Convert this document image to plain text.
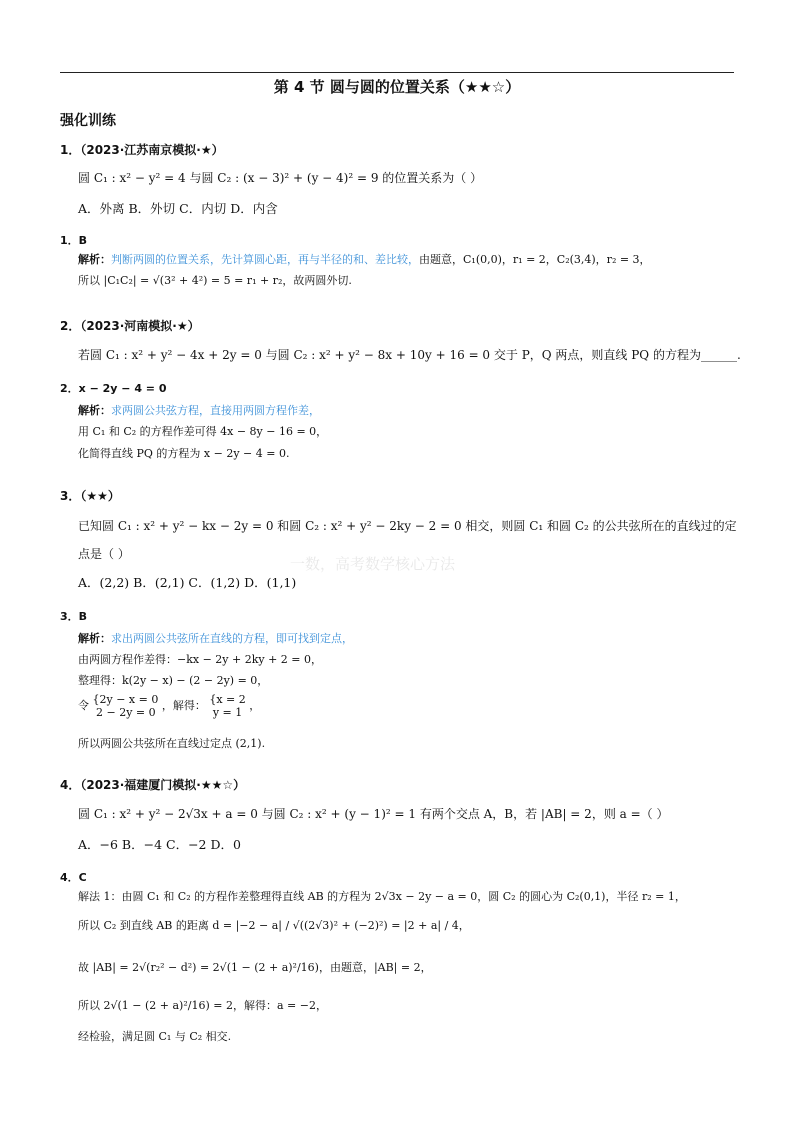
第 4 节 圆与圆的位置关系（★★☆）
强化训练
一数，高考数学核心方法
1．（2023·江苏南京模拟·★）
圆 C₁ : x² − y² = 4 与圆 C₂ : (x − 3)² + (y − 4)² = 9 的位置关系为（ ）
A．外离 B．外切 C．内切 D．内含
1．B
解析：判断两圆的位置关系，先计算圆心距，再与半径的和、差比较，由题意，C₁(0,0)，r₁ = 2，C₂(3,4)，r₂ = 3，
所以 |C₁C₂| = √(3² + 4²) = 5 = r₁ + r₂，故两圆外切.
2．（2023·河南模拟·★）
若圆 C₁ : x² + y² − 4x + 2y = 0 与圆 C₂ : x² + y² − 8x + 10y + 16 = 0 交于 P，Q 两点，则直线 PQ 的方程为______.
2．x − 2y − 4 = 0
解析：求两圆公共弦方程，直接用两圆方程作差，
用 C₁ 和 C₂ 的方程作差可得 4x − 8y − 16 = 0，
化简得直线 PQ 的方程为 x − 2y − 4 = 0.
3．（★★）
已知圆 C₁ : x² + y² − kx − 2y = 0 和圆 C₂ : x² + y² − 2ky − 2 = 0 相交，则圆 C₁ 和圆 C₂ 的公共弦所在的直线过的定
点是（ ）
A．(2,2) B．(2,1) C．(1,2) D．(1,1)
3．B
解析：求出两圆公共弦所在直线的方程，即可找到定点，
由两圆方程作差得：−kx − 2y + 2ky + 2 = 0，
整理得：k(2y − x) − (2 − 2y) = 0，
令 {2y − x = 0
2 − 2y = 0 ，解得： {x = 2
y = 1 ，
所以两圆公共弦所在直线过定点 (2,1).
4．（2023·福建厦门模拟·★★☆）
圆 C₁ : x² + y² − 2√3x + a = 0 与圆 C₂ : x² + (y − 1)² = 1 有两个交点 A，B，若 |AB| = 2，则 a =（ ）
A．−6 B．−4 C．−2 D．0
4．C
解法 1：由圆 C₁ 和 C₂ 的方程作差整理得直线 AB 的方程为 2√3x − 2y − a = 0，圆 C₂ 的圆心为 C₂(0,1)，半径 r₂ = 1，
所以 C₂ 到直线 AB 的距离 d = |−2 − a| / √((2√3)² + (−2)²) = |2 + a| / 4，
故 |AB| = 2√(r₂² − d²) = 2√(1 − (2 + a)²/16)，由题意，|AB| = 2，
所以 2√(1 − (2 + a)²/16) = 2，解得：a = −2，
经检验，满足圆 C₁ 与 C₂ 相交.
